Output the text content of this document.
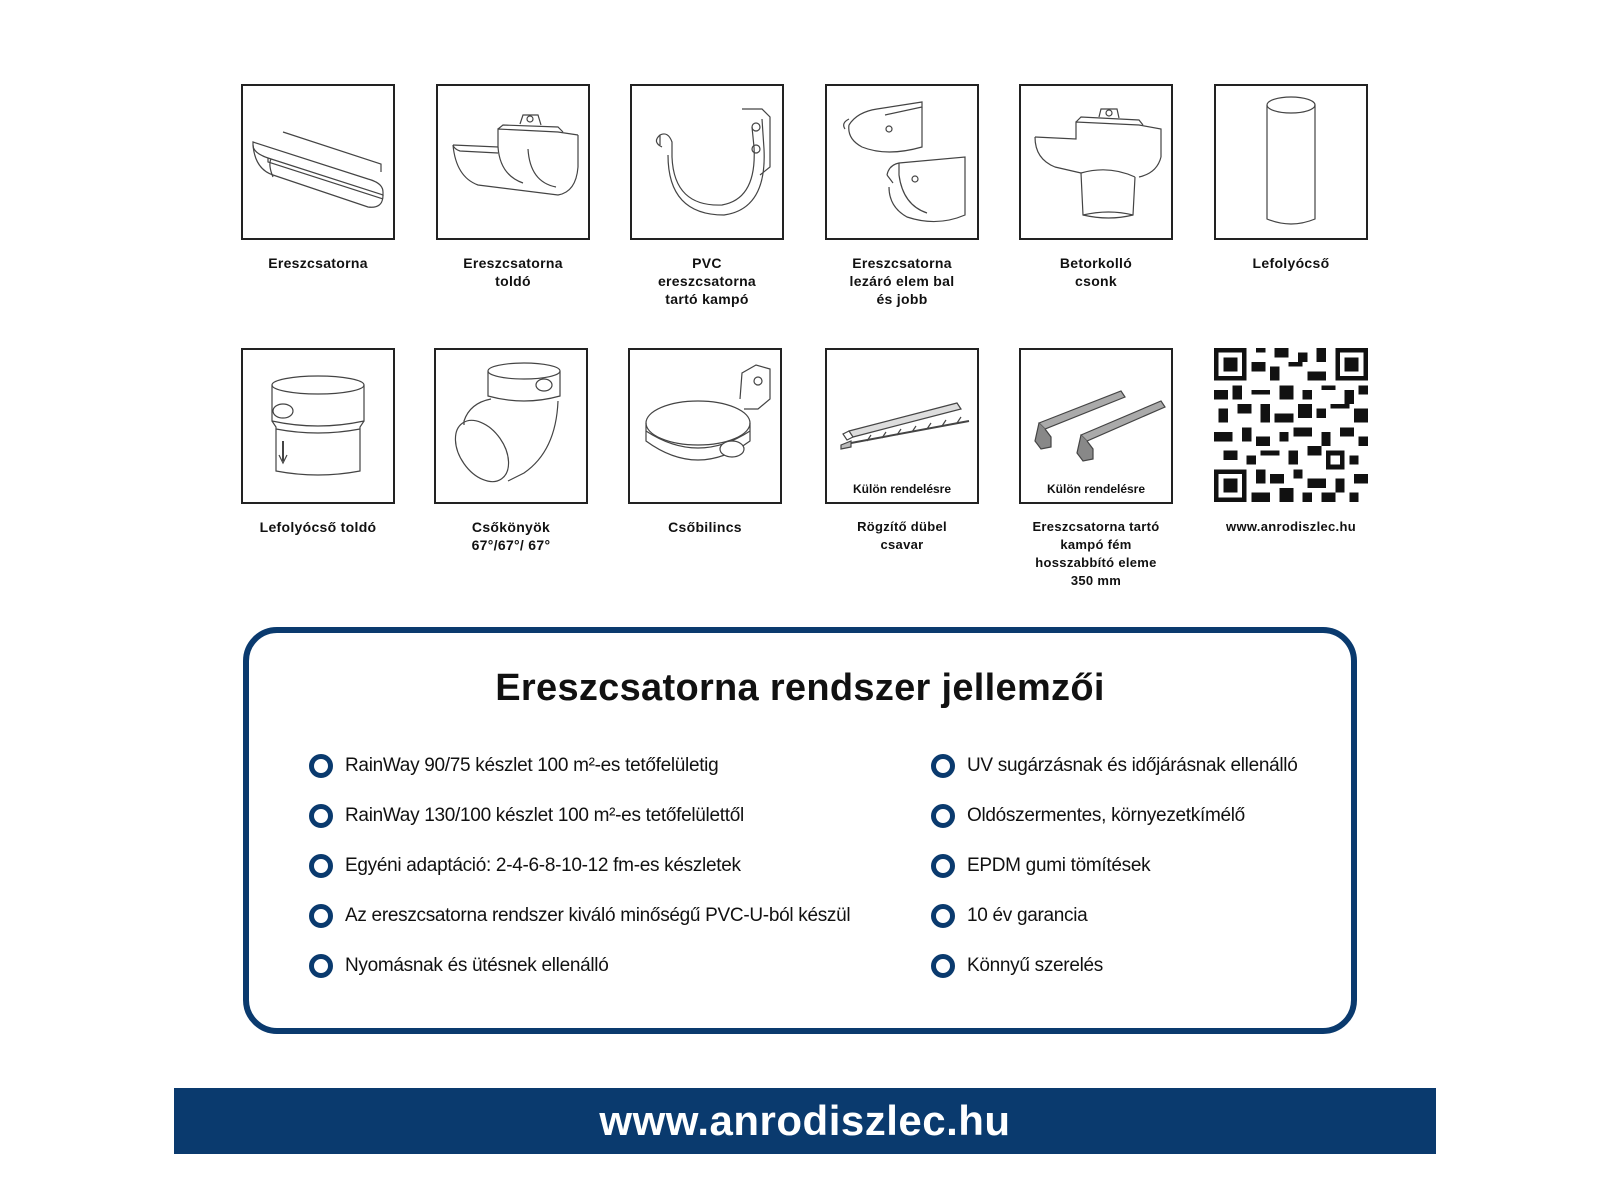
Ereszcsatorna	Ereszcsatorna
toldó
PVC
ereszcsatorna
tartó kampó
Ereszcsatorna
lezáró elem bal
és jobb
Betorkolló
csonk
Lefolyócső
Lefolyócső toldó	Csőkönyök
67°/67°/ 67°
Csőbilincs
Külön rendelésre
Rögzítő dübel
csavar
Külön rendelésre
Ereszcsatorna tartó
kampó fém
hosszabbító eleme
350 mm
www.anrodiszlec.hu
Ereszcsatorna rendszer jellemzői
RainWay 90/75 készlet 100 m²-es tetőfelületig
RainWay 130/100 készlet 100 m²-es tetőfelülettől
Egyéni adaptáció: 2-4-6-8-10-12 fm-es készletek
Az ereszcsatorna rendszer kiváló minőségű PVC-U-ból készül
Nyomásnak és ütésnek ellenálló
UV sugárzásnak és időjárásnak ellenálló
Oldószermentes, környezetkímélő
EPDM gumi tömítések
10 év garancia
Könnyű szerelés
www.anrodiszlec.hu
